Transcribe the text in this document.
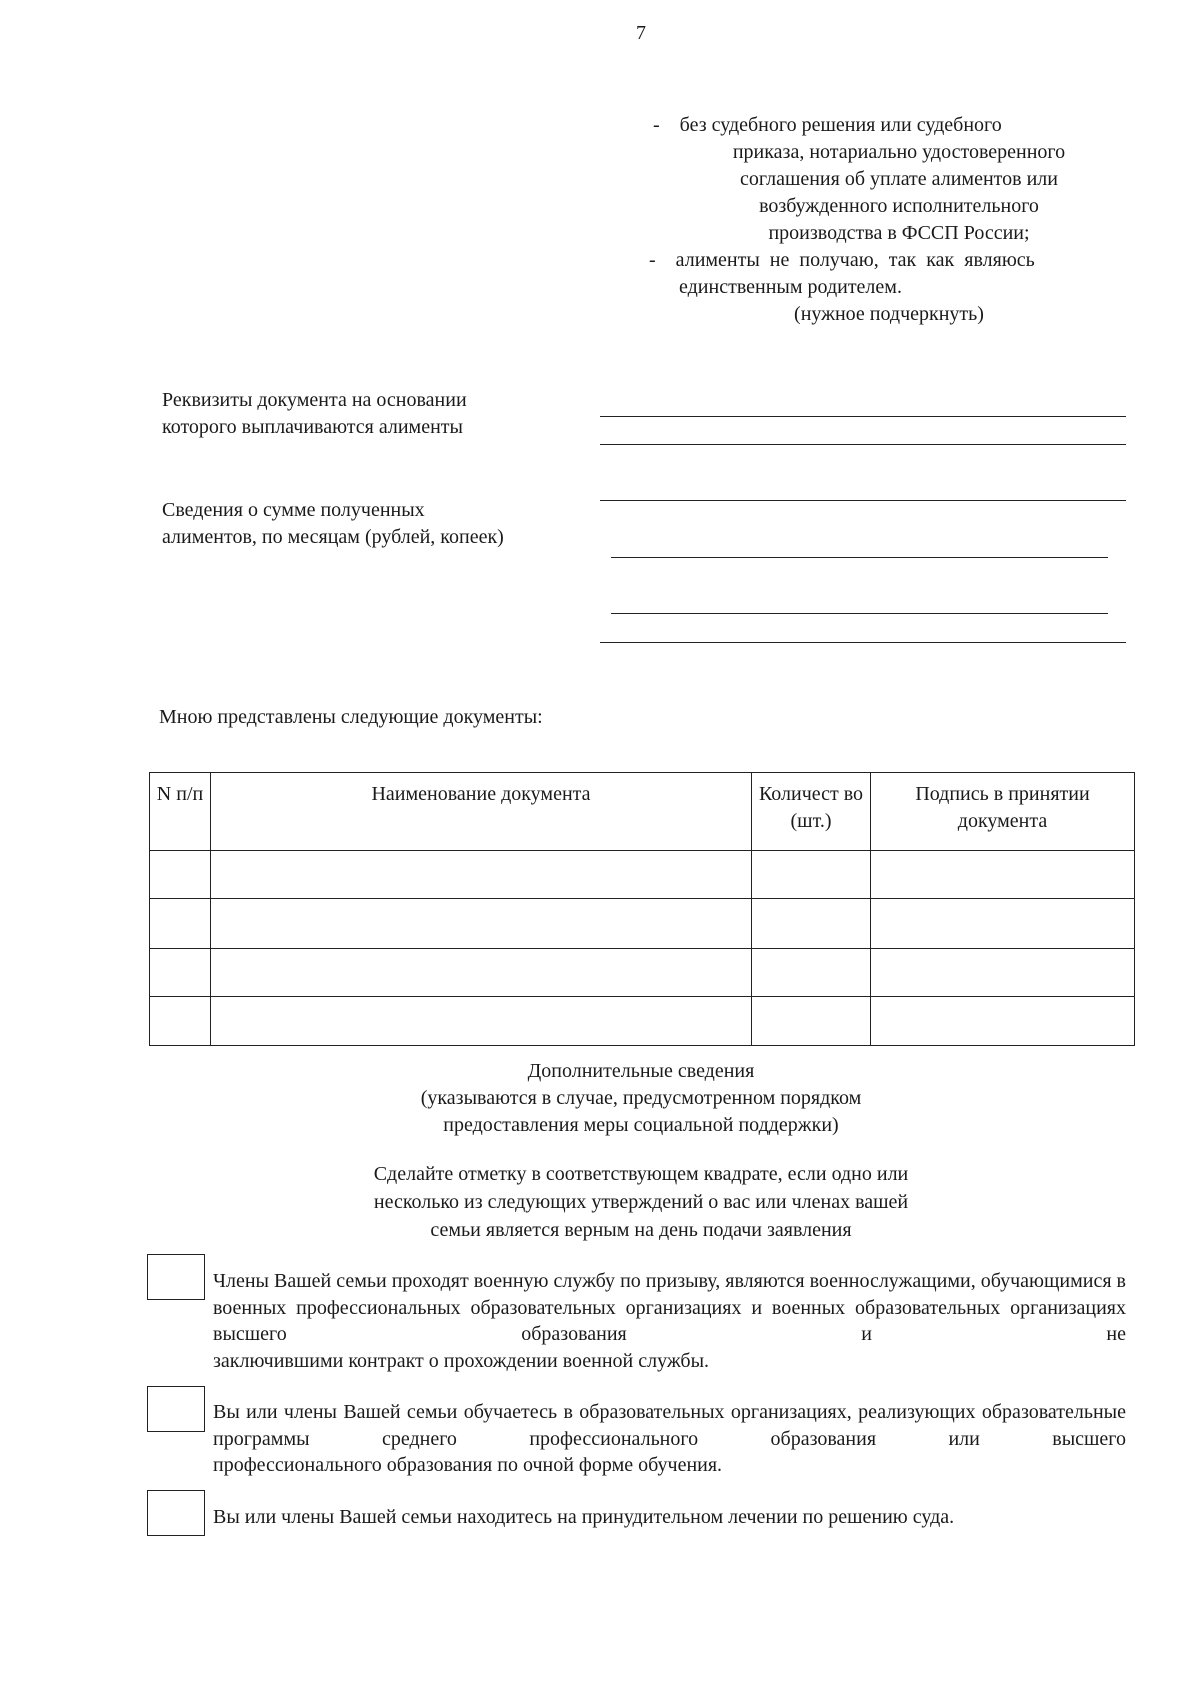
7
-    без судебного решения или судебного
приказа, нотариально удостоверенного
соглашения об уплате алиментов или
возбужденного исполнительного
производства в ФССП России;
-    алименты  не  получаю,  так  как  являюсь
единственным родителем.
(нужное подчеркнуть)
Реквизиты документа на основании
которого выплачиваются алименты
Сведения о сумме полученных
алиментов, по месяцам (рублей, копеек)
Мною представлены следующие документы:
N п/п	Наименование документа	Количест во (шт.)	Подпись в принятии документа

Дополнительные сведения
(указываются в случае, предусмотренном порядком
предоставления меры социальной поддержки)
Сделайте отметку в соответствующем квадрате, если одно или
несколько из следующих утверждений о вас или членах вашей
семьи является верным на день подачи заявления
Члены Вашей семьи проходят военную службу по призыву, являются военнослужащими, обучающимися в военных профессиональных образовательных организациях и военных образовательных организациях высшего образования и не
заключившими контракт о прохождении военной службы.
Вы или члены Вашей семьи обучаетесь в образовательных организациях, реализующих образовательные программы среднего профессионального образования или высшего
профессионального образования по очной форме обучения.
Вы или члены Вашей семьи находитесь на принудительном лечении по решению суда.
